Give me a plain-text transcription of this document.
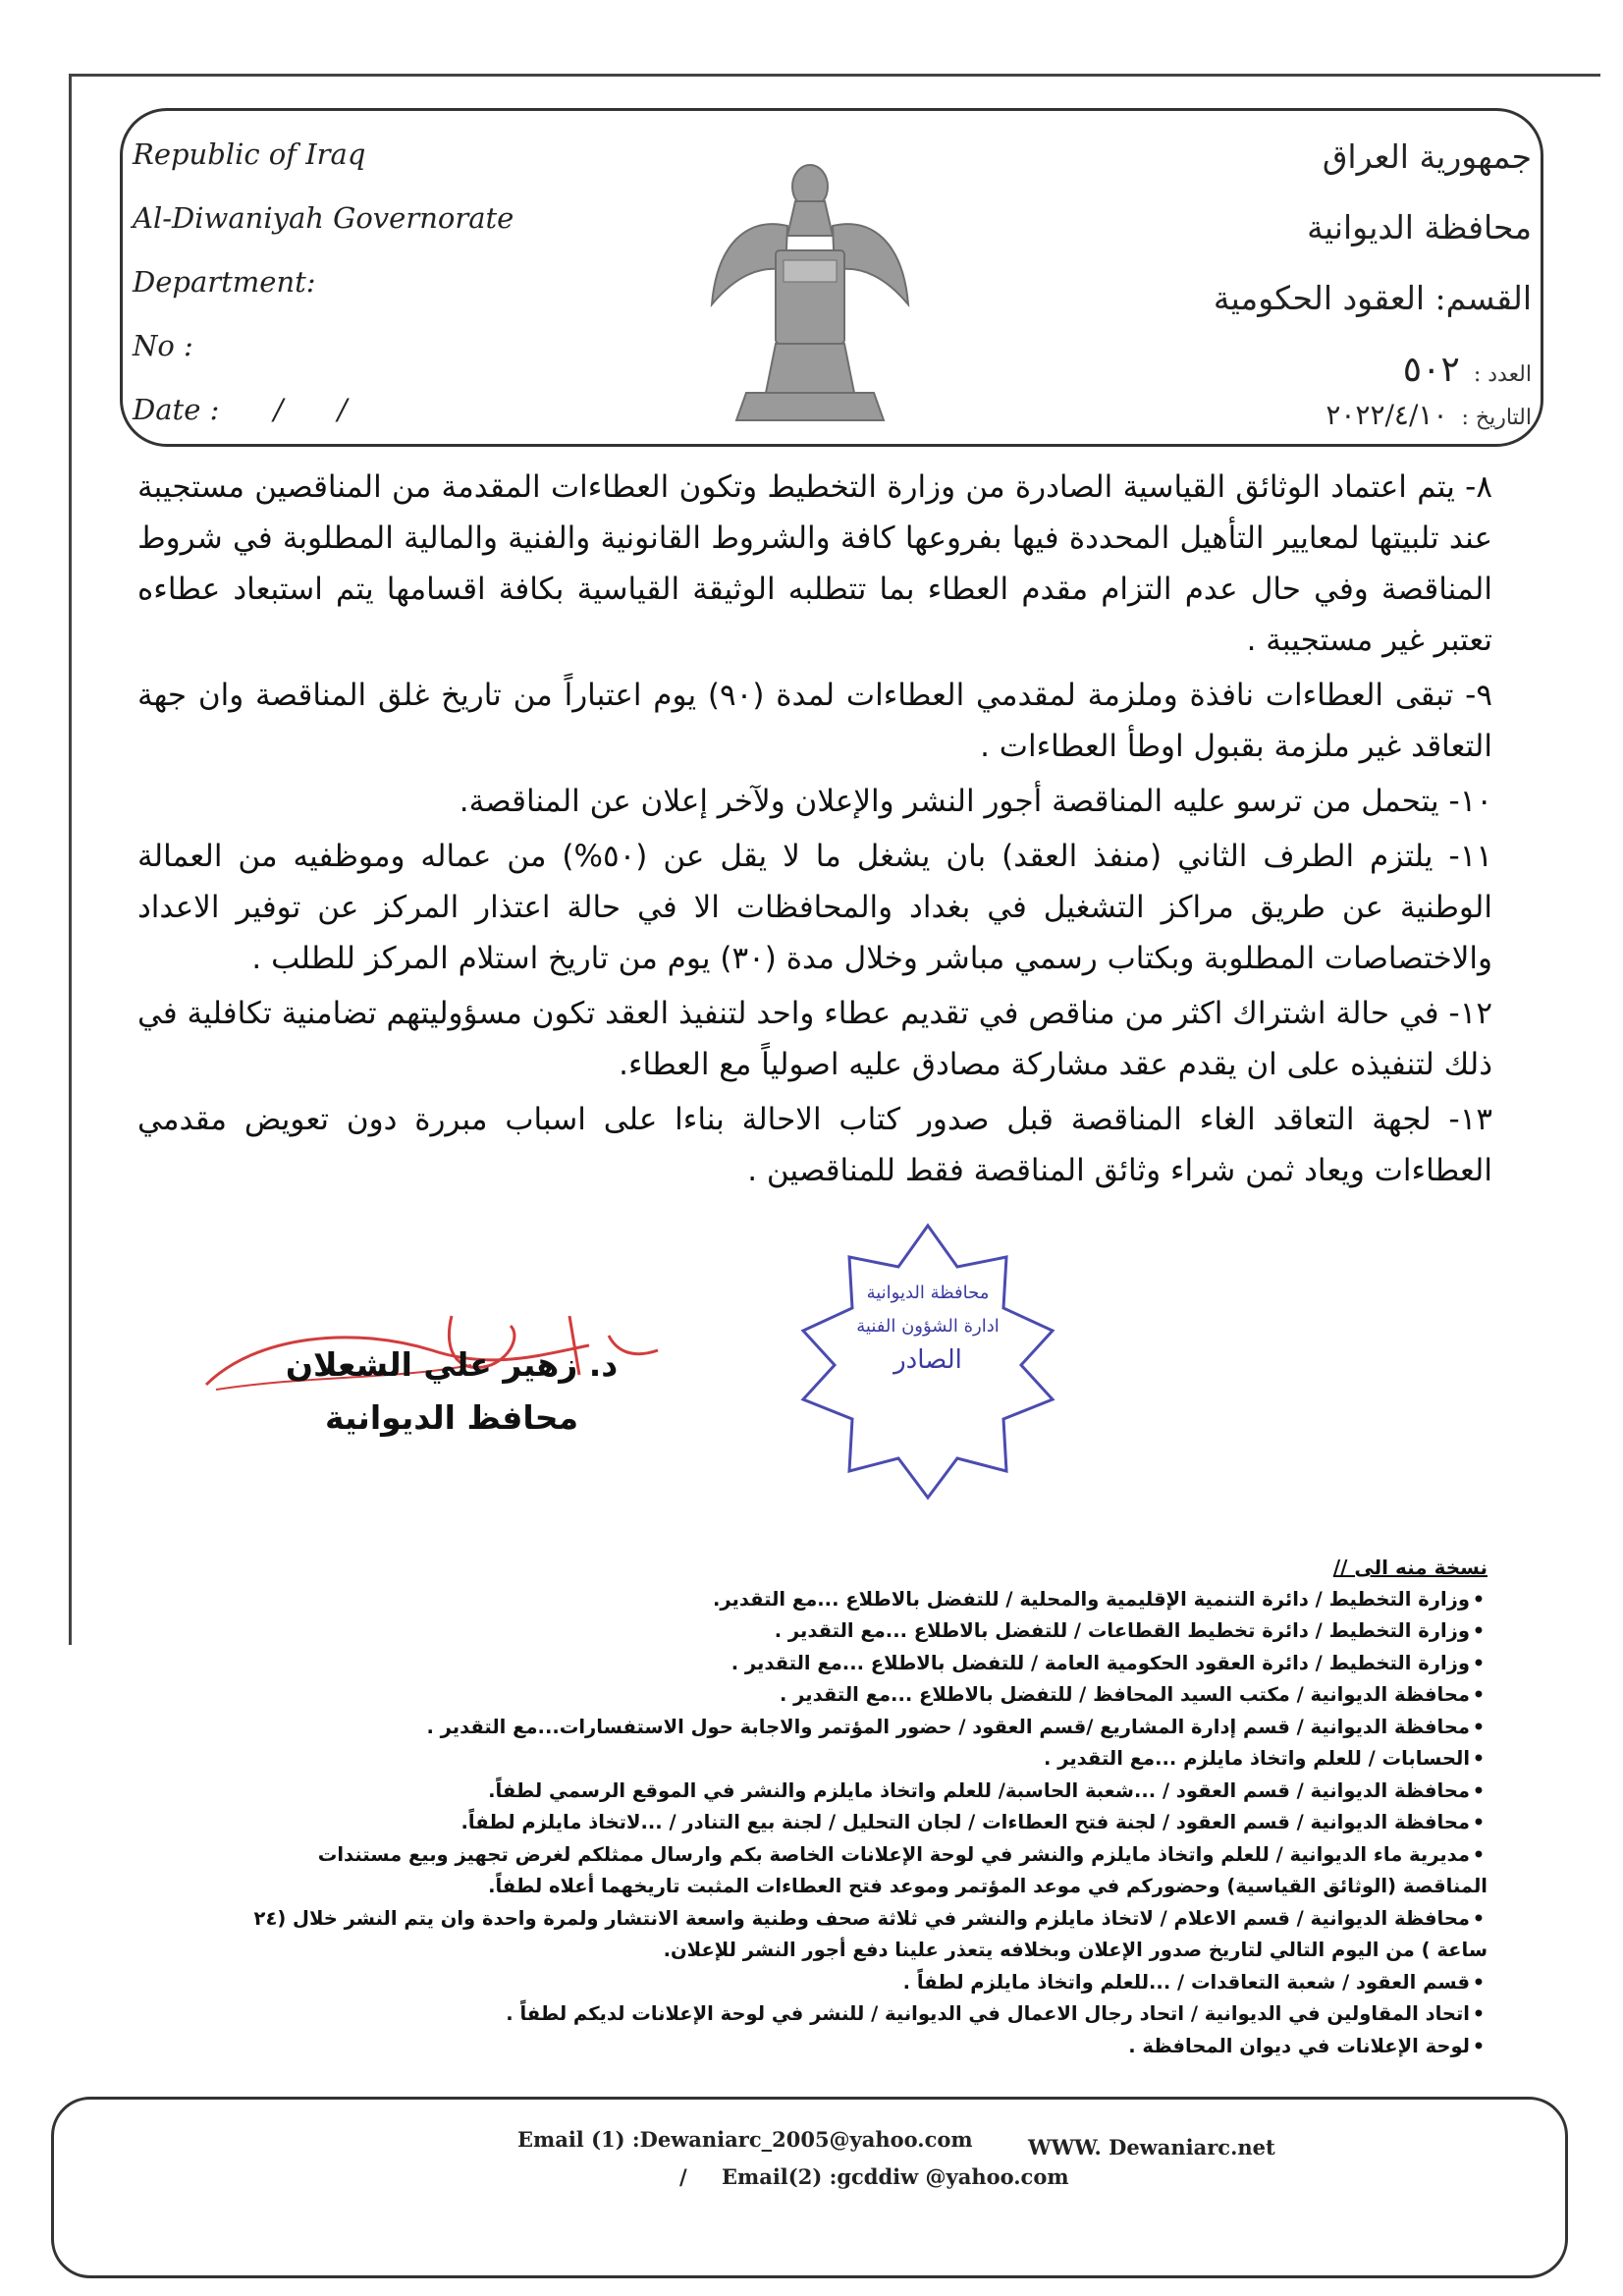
Republic of Iraq
Al-Diwaniyah Governorate
Department:
No :
Date :      /      /
جمهورية العراق
محافظة الديوانية
القسم: العقود الحكومية
العدد :
٥٠٢
التاريخ :
٢٠٢٢/٤/١٠

٨- يتم اعتماد الوثائق القياسية الصادرة من وزارة التخطيط وتكون العطاءات المقدمة من المناقصين مستجيبة عند تلبيتها لمعايير التأهيل المحددة فيها بفروعها كافة والشروط القانونية والفنية والمالية المطلوبة في شروط المناقصة وفي حال عدم التزام مقدم العطاء بما تتطلبه الوثيقة القياسية بكافة اقسامها يتم استبعاد عطاءه تعتبر غير مستجيبة .

٩- تبقى العطاءات نافذة وملزمة لمقدمي العطاءات لمدة (٩٠) يوم اعتباراً من تاريخ غلق المناقصة وان جهة التعاقد غير ملزمة بقبول اوطأ العطاءات .

١٠- يتحمل من ترسو عليه المناقصة أجور النشر والإعلان ولآخر إعلان عن المناقصة.

١١- يلتزم الطرف الثاني (منفذ العقد) بان يشغل ما لا يقل عن (٥٠%) من عماله وموظفيه من العمالة الوطنية عن طريق مراكز التشغيل في بغداد والمحافظات الا في حالة اعتذار المركز عن توفير الاعداد والاختصاصات المطلوبة وبكتاب رسمي مباشر وخلال مدة (٣٠) يوم من تاريخ استلام المركز للطلب .

١٢- في حالة اشتراك اكثر من مناقص في تقديم عطاء واحد لتنفيذ العقد تكون مسؤوليتهم تضامنية تكافلية في ذلك لتنفيذه على ان يقدم عقد مشاركة مصادق عليه اصولياً مع العطاء.

١٣- لجهة التعاقد الغاء المناقصة قبل صدور كتاب الاحالة بناءا على اسباب مبررة دون تعويض مقدمي العطاءات ويعاد ثمن شراء وثائق المناقصة فقط للمناقصين .

محافظة الديوانية
ادارة الشؤون الفنية
الصادر
د. زهير علي الشعلان
محافظ الديوانية
نسخة منه الى //
•وزارة التخطيط / دائرة التنمية الإقليمية والمحلية / للتفضل بالاطلاع ...مع التقدير.
•وزارة التخطيط / دائرة تخطيط القطاعات / للتفضل بالاطلاع ...مع التقدير .
•وزارة التخطيط / دائرة العقود الحكومية العامة / للتفضل بالاطلاع ...مع التقدير .
•محافظة الديوانية / مكتب السيد المحافظ / للتفضل بالاطلاع ...مع التقدير .
•محافظة الديوانية / قسم إدارة المشاريع /قسم العقود / حضور المؤتمر والاجابة حول الاستفسارات...مع التقدير .
•الحسابات / للعلم واتخاذ مايلزم ...مع التقدير .
•محافظة الديوانية / قسم العقود / ...شعبة الحاسبة/ للعلم واتخاذ مايلزم والنشر في الموقع الرسمي لطفاً.
•محافظة الديوانية / قسم العقود / لجنة فتح العطاءات / لجان التحليل / لجنة بيع التنادر / ...لاتخاذ مايلزم لطفاً.
•مديرية ماء الديوانية / للعلم واتخاذ مايلزم والنشر في لوحة الإعلانات الخاصة بكم وارسال ممثلكم لغرض تجهيز وبيع مستندات
المناقصة (الوثائق القياسية) وحضوركم في موعد المؤتمر وموعد فتح العطاءات المثبت تاريخهما أعلاه لطفاً.
•محافظة الديوانية / قسم الاعلام / لاتخاذ مايلزم والنشر في ثلاثة صحف وطنية واسعة الانتشار ولمرة واحدة وان يتم النشر خلال (٢٤
ساعة ) من اليوم التالي لتاريخ صدور الإعلان وبخلافه يتعذر علينا دفع أجور النشر للإعلان.
•قسم العقود / شعبة التعاقدات / ...للعلم واتخاذ مايلزم لطفاً .
•اتحاد المقاولين في الديوانية / اتحاد رجال الاعمال في الديوانية / للنشر في لوحة الإعلانات لديكم لطفاً .
•لوحة الإعلانات في ديوان المحافظة .
Email (1) :Dewaniarc_2005@yahoo.com	WWW. Dewaniarc.net
/ Email(2) :gcddiw @yahoo.com
